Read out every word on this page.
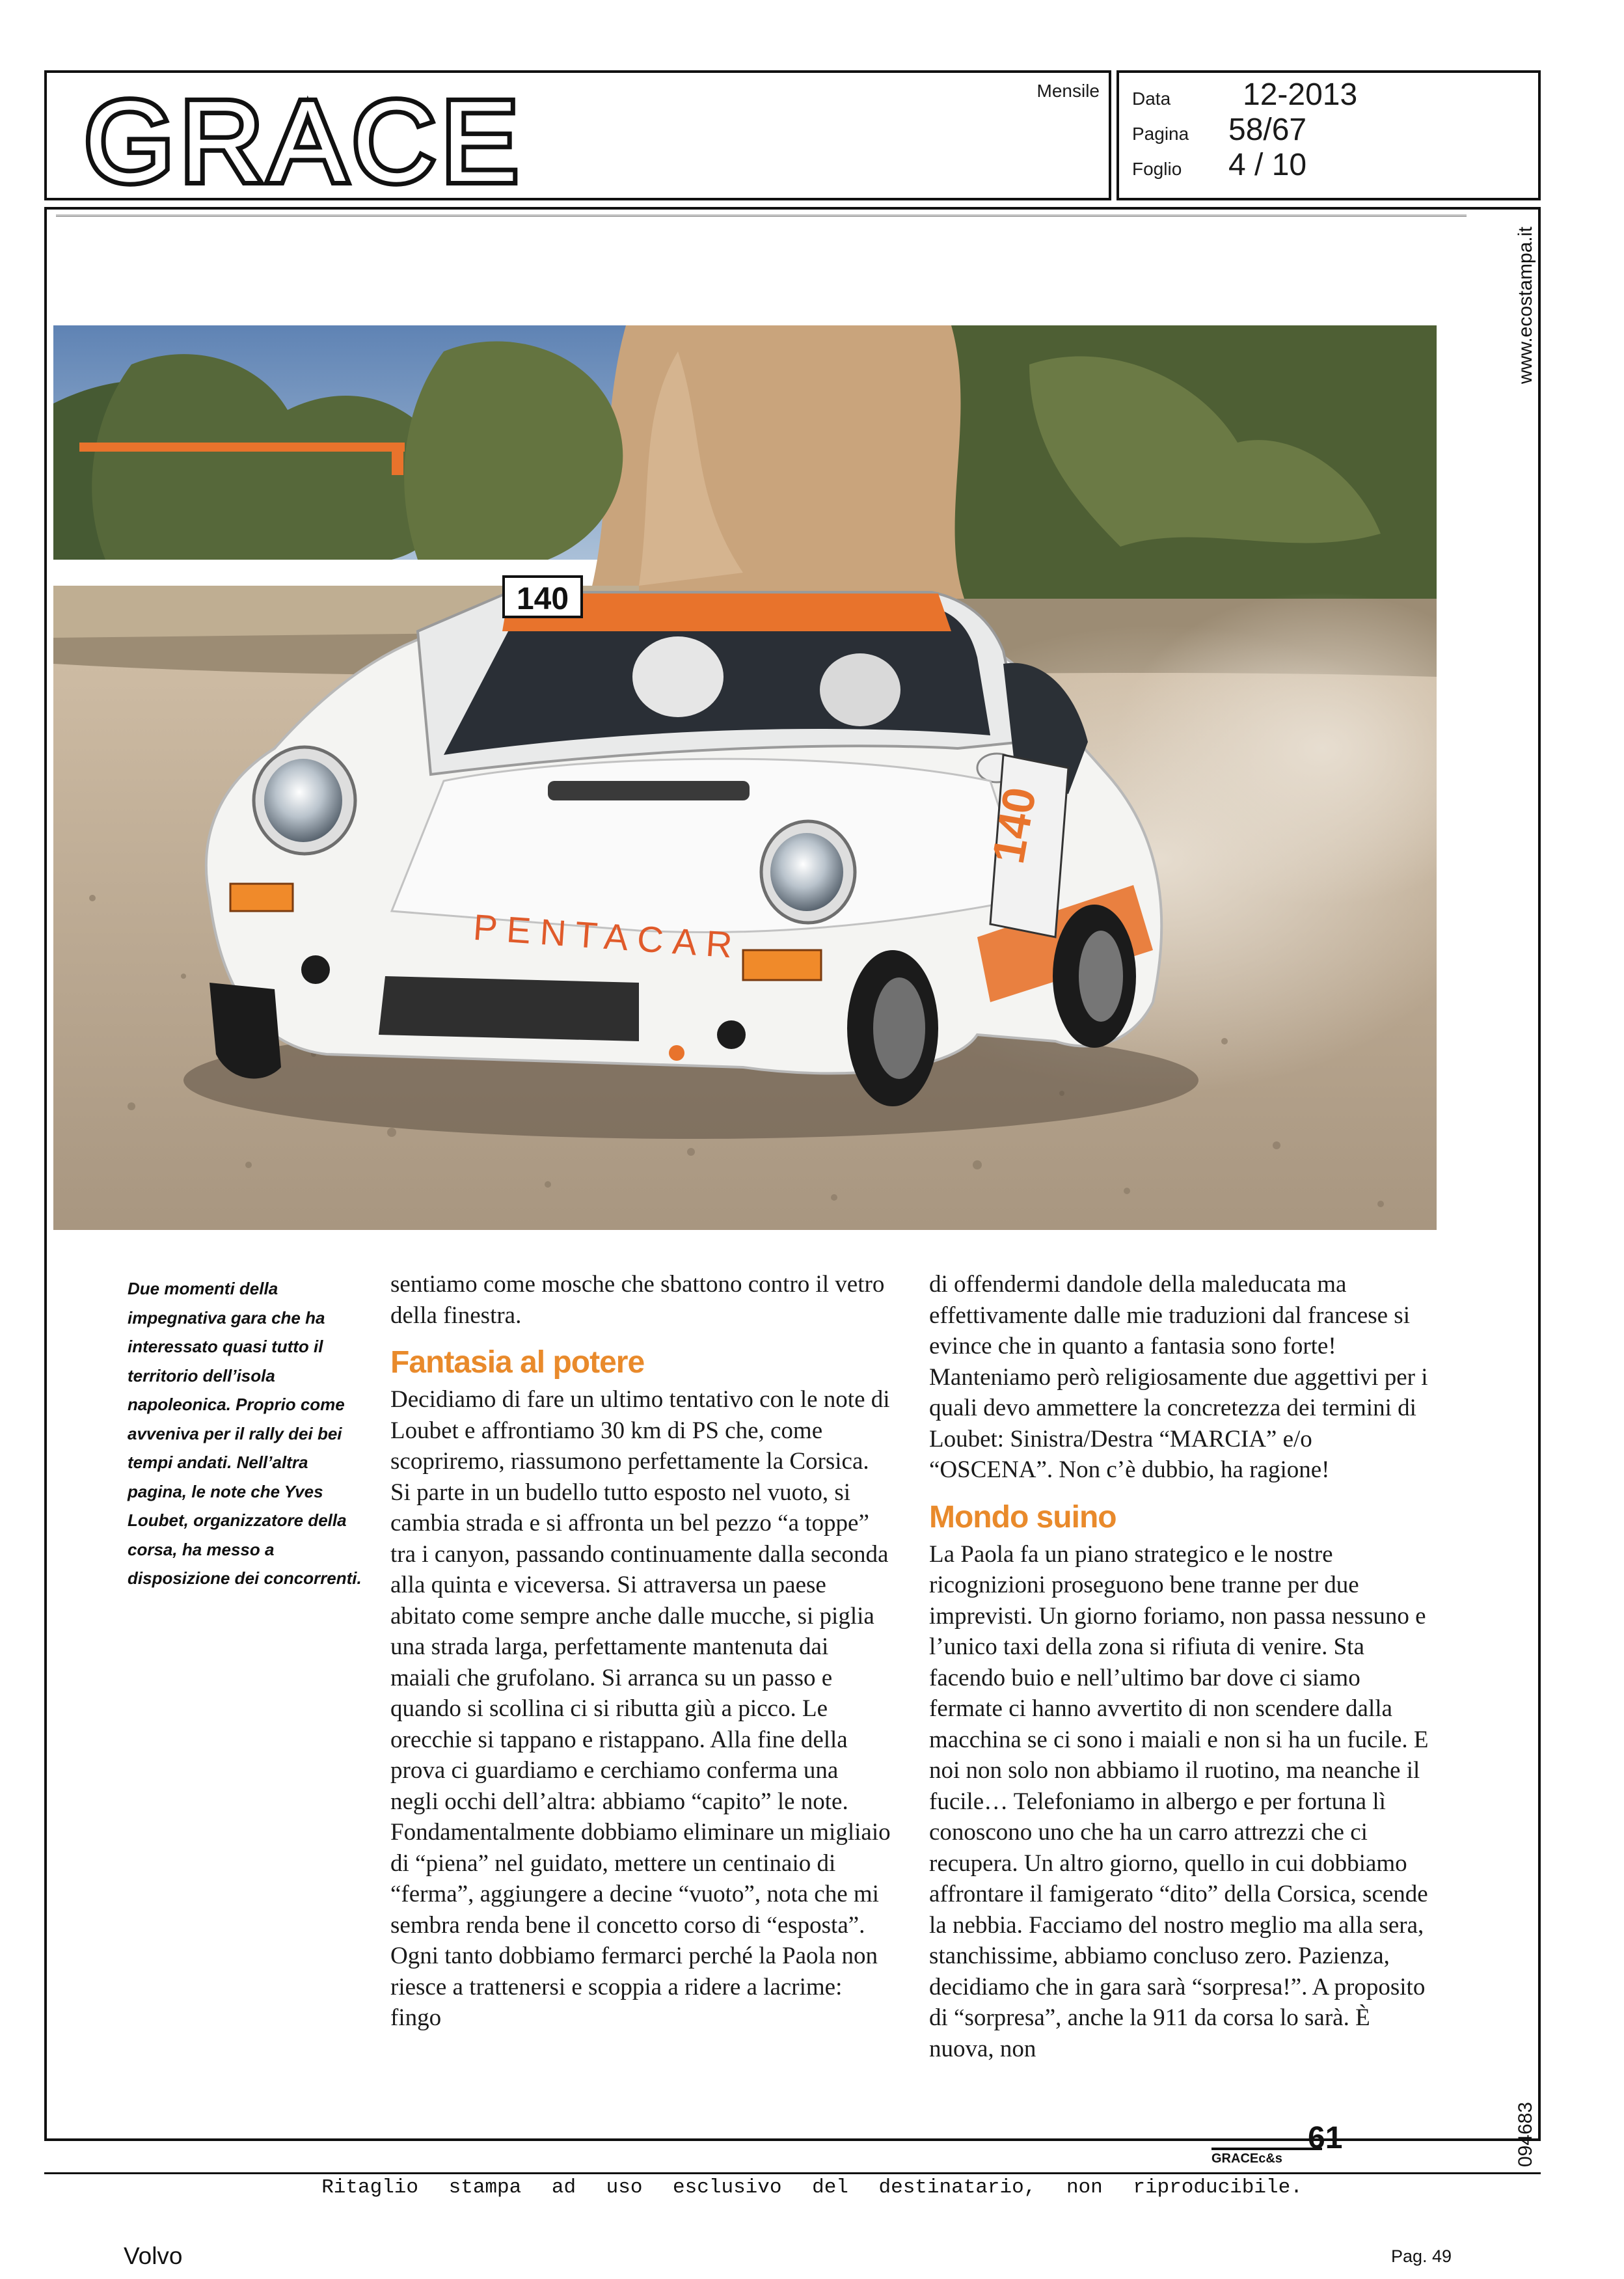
GRACE	Mensile Data 12-2013
Pagina 58/67
Foglio 4 / 10
www.ecostampa.it
094683
140
PENTACAR
140
Due momenti della impegnativa gara che ha interessato quasi tutto il territorio dell’isola napoleonica. Proprio come avveniva per il rally dei bei tempi andati. Nell’altra pagina, le note che Yves Loubet, organizzatore della corsa, ha messo a disposizione dei concorrenti.

sentiamo come mosche che sbattono contro il vetro della finestra.

Fantasia al potere

Decidiamo di fare un ultimo tentativo con le note di Loubet e affrontiamo 30 km di PS che, come scopriremo, riassumono perfettamente la Corsica. Si parte in un budello tutto esposto nel vuoto, si cambia strada e si affronta un bel pezzo “a toppe” tra i canyon, passando continuamente dalla seconda alla quinta e viceversa. Si attraversa un paese abitato come sempre anche dalle mucche, si piglia una strada larga, perfettamente mantenuta dai maiali che grufolano. Si arranca su un passo e quando si scollina ci si ributta giù a picco. Le orecchie si tappano e ristappano. Alla fine della prova ci guardiamo e cerchiamo conferma una negli occhi dell’altra: abbiamo “capito” le note. Fondamentalmente dobbiamo eliminare un migliaio di “piena” nel guidato, mettere un centinaio di “ferma”, aggiungere a decine “vuoto”, nota che mi sembra renda bene il concetto corso di “esposta”. Ogni tanto dobbiamo fermarci perché la Paola non riesce a trattenersi e scoppia a ridere a lacrime: fingo

di offendermi dandole della maleducata ma effettivamente dalle mie traduzioni dal francese si evince che in quanto a fantasia sono forte! Manteniamo però religiosamente due aggettivi per i quali devo ammettere la concretezza dei termini di Loubet: Sinistra/Destra “MARCIA” e/o “OSCENA”. Non c’è dubbio, ha ragione!

Mondo suino

La Paola fa un piano strategico e le nostre ricognizioni proseguono bene tranne per due imprevisti. Un giorno foriamo, non passa nessuno e l’unico taxi della zona si rifiuta di venire. Sta facendo buio e nell’ultimo bar dove ci siamo fermate ci hanno avvertito di non scendere dalla macchina se ci sono i maiali e non si ha un fucile. E noi non solo non abbiamo il ruotino, ma neanche il fucile… Telefoniamo in albergo e per fortuna lì conoscono uno che ha un carro attrezzi che ci recupera. Un altro giorno, quello in cui dobbiamo affrontare il famigerato “dito” della Corsica, scende la nebbia. Facciamo del nostro meglio ma alla sera, stanchissime, abbiamo concluso zero. Pazienza, decidiamo che in gara sarà “sorpresa!”. A proposito di “sorpresa”, anche la 911 da corsa lo sarà. È nuova, non

61
GRACEc&s
Ritaglio stampa ad uso esclusivo del destinatario, non riproducibile.
Volvo	Pag. 49
